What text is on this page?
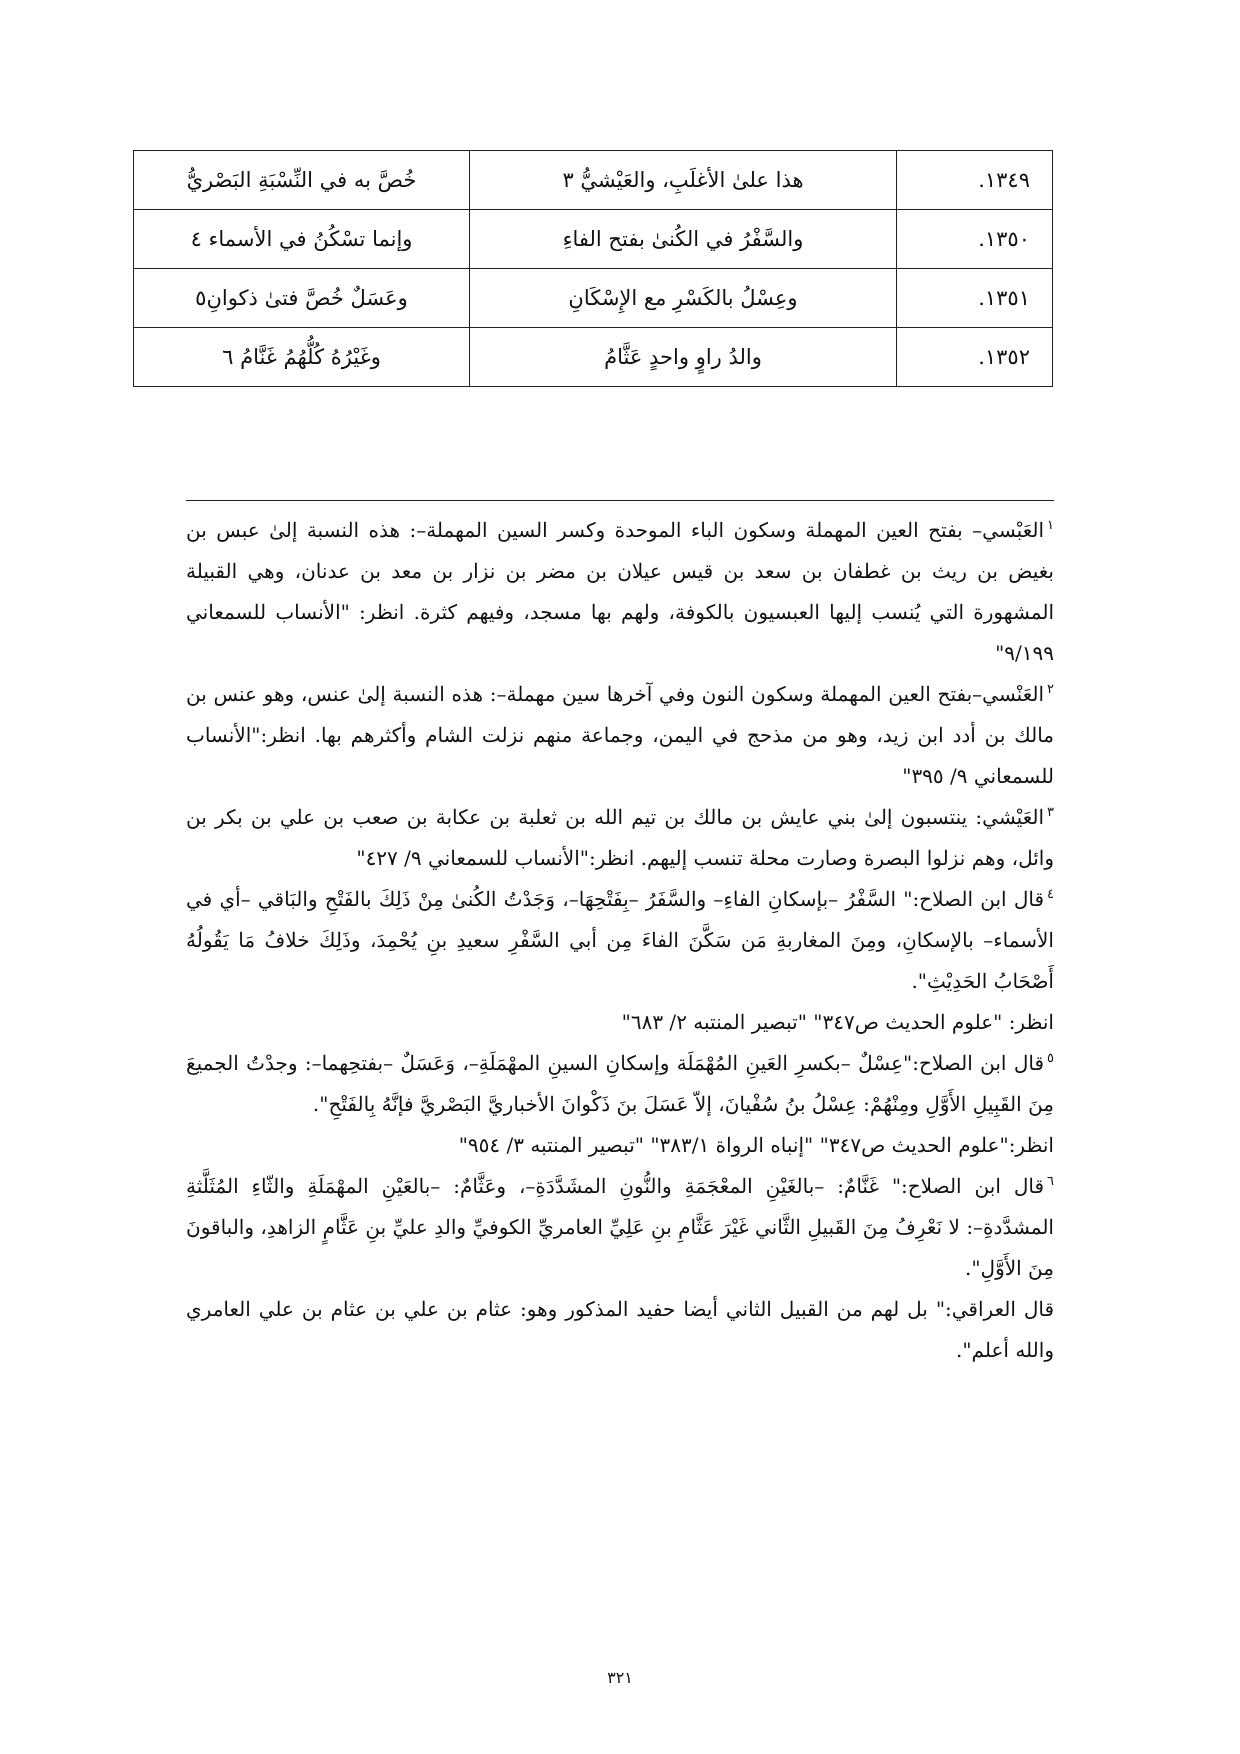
١٣٤٩.	هذا علىٰ الأغلَبِ، والعَيْشيُّ ٣	خُصَّ به في النِّسْبَةِ البَصْريُّ
١٣٥٠.	والسَّفْرُ في الكُنىٰ بفتح الفاءِ	وإنما تسْكُنُ في الأسماء ٤
١٣٥١.	وعِسْلُ بالكَسْرِ مع الإِسْكَانِ	وعَسَلٌ خُصَّ فتىٰ ذكوانِ٥
١٣٥٢.	والدُ راوٍ واحدٍ عَثَّامُ	وغَيْرُهُ كُلُّهُمُ غَنَّامُ ٦

$^١$العَبْسي– بفتح العين المهملة وسكون الباء الموحدة وكسر السين المهملة–: هذه النسبة إلىٰ عبس بن بغيض بن ريث بن غطفان بن سعد بن قيس عيلان بن مضر بن نزار بن معد بن عدنان، وهي القبيلة المشهورة التي يُنسب إليها العبسيون بالكوفة، ولهم بها مسجد، وفيهم كثرة. انظر: "الأنساب للسمعاني ٩/١٩٩"

$^٢$العَنْسي–بفتح العين المهملة وسكون النون وفي آخرها سين مهملة–: هذه النسبة إلىٰ عنس، وهو عنس بن مالك بن أدد ابن زيد، وهو من مذحج في اليمن، وجماعة منهم نزلت الشام وأكثرهم بها. انظر:"الأنساب للسمعاني ٩/ ٣٩٥"

$^٣$العَيْشي: ينتسبون إلىٰ بني عايش بن مالك بن تيم الله بن ثعلبة بن عكابة بن صعب بن علي بن بكر بن وائل، وهم نزلوا البصرة وصارت محلة تنسب إليهم. انظر:"الأنساب للسمعاني ٩/ ٤٢٧"

$^٤$قال ابن الصلاح:" السَّفْرُ –بإسكانِ الفاءِ– والسَّفَرُ –بِفَتْحِهَا–، وَجَدْتُ الكُنىٰ مِنْ ذَلِكَ بالفَتْحِ والبَاقي –أي في الأسماء– بالإسكانِ، ومِنَ المغاربةِ مَن سَكَّنَ الفاءَ مِن أبي السَّفْرِ سعيدِ بنِ يُحْمِدَ، وذَلِكَ خلافُ مَا يَقُولُهُ أَصْحَابُ الحَدِيْثِ".

انظر: "علوم الحديث ص٣٤٧" "تبصير المنتبه ٢/ ٦٨٣"

$^٥$قال ابن الصلاح:"عِسْلٌ –بكسرِ العَينِ المُهْمَلَة وإسكانِ السينِ المهْمَلَةِ–، وَعَسَلٌ –بفتحِهما–: وجدْتُ الجميعَ مِنَ القَبِيلِ الأَوَّلِ ومِنْهُمْ: عِسْلُ بنُ سُفْيانَ، إلاّ عَسَلَ بنَ ذَكْوانَ الأخباريَّ البَصْريَّ فإنَّهُ بِالفَتْحِ".

انظر:"علوم الحديث ص٣٤٧" "إنباه الرواة ٣٨٣/١" "تبصير المنتبه ٣/ ٩٥٤"

$^٦$قال ابن الصلاح:" غَنَّامٌ: –بالغَيْنِ المعْجَمَةِ والنُّونِ المشَدَّدَةِ–، وعَثَّامٌ: –بالعَيْنِ المهْمَلَةِ والثّاءِ المُثَلَّثةِ المشدَّدةِ–: لا نَعْرِفُ مِنَ القَبيلِ الثَّاني غَيْرَ عَثَّامِ بنِ عَلِيِّ العامريِّ الكوفيِّ والدِ عليِّ بنِ عَثَّامٍ الزاهدِ، والباقونَ مِنَ الأَوَّلِ".

قال العراقي:" بل لهم من القبيل الثاني أيضا حفيد المذكور وهو: عثام بن علي بن عثام بن علي العامري والله أعلم".

٣٢١
